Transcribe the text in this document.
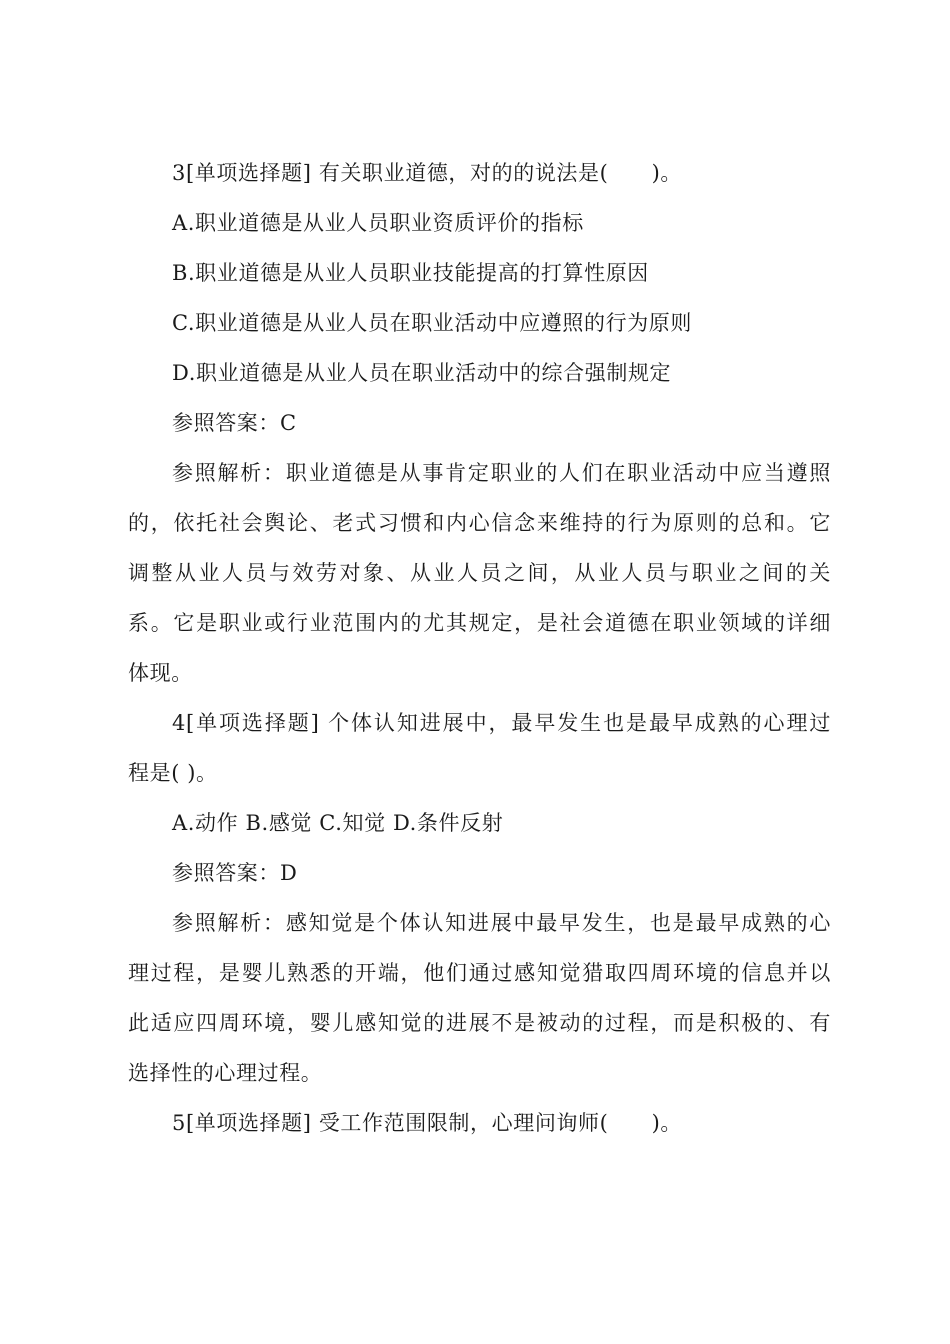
3[单项选择题] 有关职业道德，对的的说法是(　　)。
A.职业道德是从业人员职业资质评价的指标
B.职业道德是从业人员职业技能提高的打算性原因
C.职业道德是从业人员在职业活动中应遵照的行为原则
D.职业道德是从业人员在职业活动中的综合强制规定
参照答案：C
参照解析：职业道德是从事肯定职业的人们在职业活动中应当遵照
的，依托社会舆论、老式习惯和内心信念来维持的行为原则的总和。它
调整从业人员与效劳对象、从业人员之间，从业人员与职业之间的关
系。它是职业或行业范围内的尤其规定，是社会道德在职业领域的详细
体现。
4[单项选择题] 个体认知进展中，最早发生也是最早成熟的心理过
程是( )。
A.动作 B.感觉 C.知觉 D.条件反射
参照答案：D
参照解析：感知觉是个体认知进展中最早发生，也是最早成熟的心
理过程，是婴儿熟悉的开端，他们通过感知觉猎取四周环境的信息并以
此适应四周环境，婴儿感知觉的进展不是被动的过程，而是积极的、有
选择性的心理过程。
5[单项选择题] 受工作范围限制，心理问询师(　　)。
